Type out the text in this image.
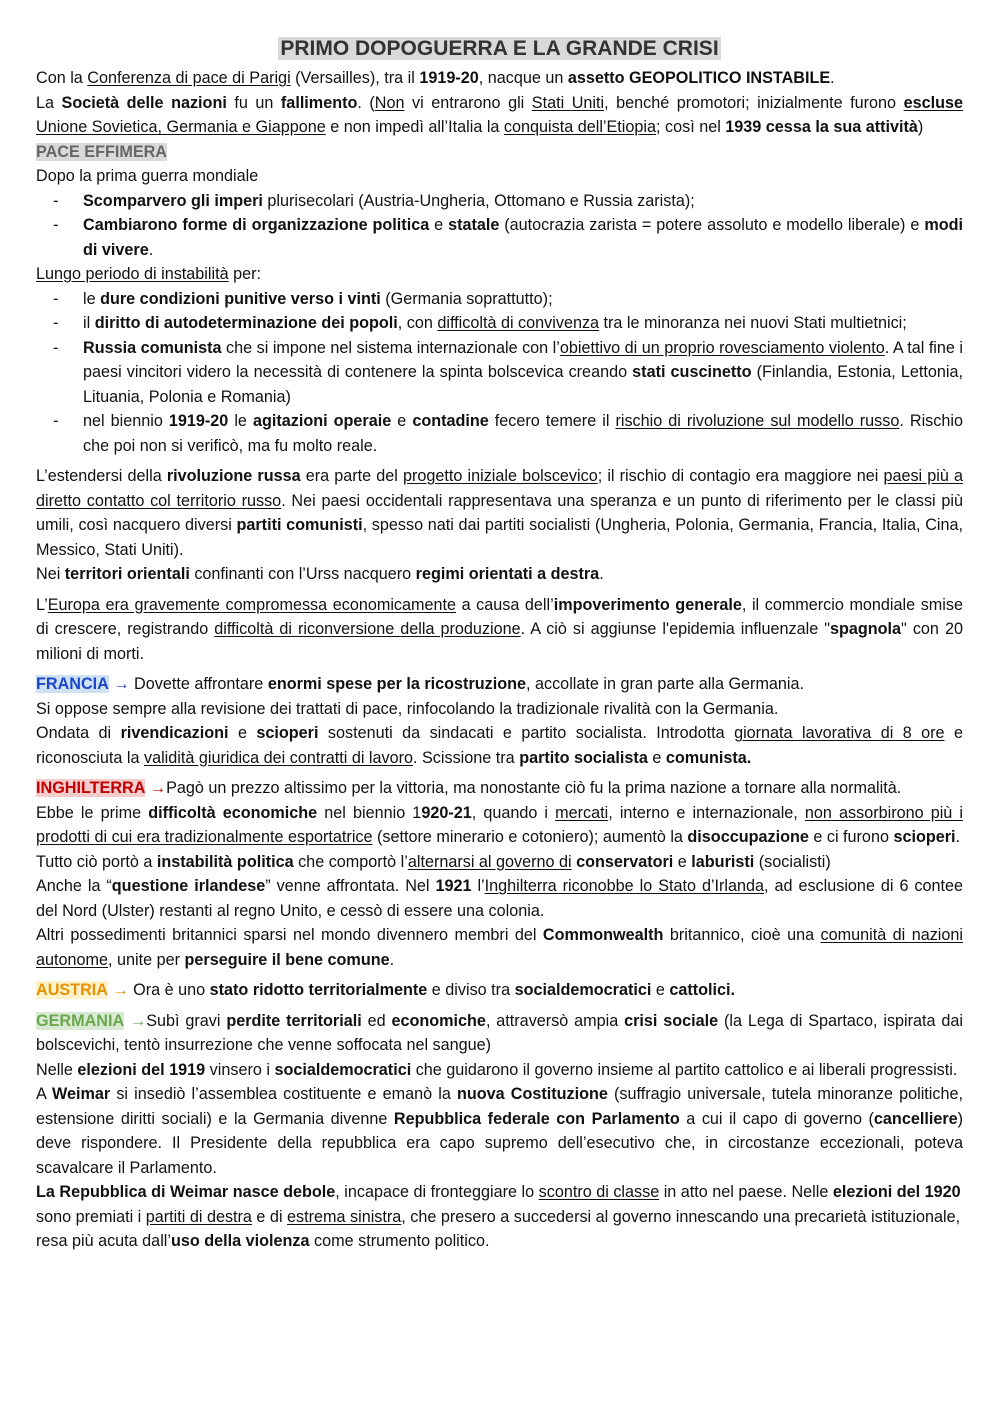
PRIMO DOPOGUERRA E LA GRANDE CRISI

Con la Conferenza di pace di Parigi (Versailles), tra il 1919-20, nacque un assetto GEOPOLITICO INSTABILE.

La Società delle nazioni fu un fallimento. (Non vi entrarono gli Stati Uniti, benché promotori; inizialmente furono escluse Unione Sovietica, Germania e Giappone e non impedì all’Italia la conquista dell’Etiopia; così nel 1939 cessa la sua attività)

PACE EFFIMERA

Dopo la prima guerra mondiale

- Scomparvero gli imperi plurisecolari (Austria-Ungheria, Ottomano e Russia zarista);
- Cambiarono forme di organizzazione politica e statale (autocrazia zarista = potere assoluto e modello liberale) e modi di vivere.

Lungo periodo di instabilità per:

- le dure condizioni punitive verso i vinti (Germania soprattutto);
- il diritto di autodeterminazione dei popoli, con difficoltà di convivenza tra le minoranza nei nuovi Stati multietnici;
- Russia comunista che si impone nel sistema internazionale con l’obiettivo di un proprio rovesciamento violento. A tal fine i paesi vincitori videro la necessità di contenere la spinta bolscevica creando stati cuscinetto (Finlandia, Estonia, Lettonia, Lituania, Polonia e Romania)
- nel biennio 1919-20 le agitazioni operaie e contadine fecero temere il rischio di rivoluzione sul modello russo. Rischio che poi non si verificò, ma fu molto reale.

L’estendersi della rivoluzione russa era parte del progetto iniziale bolscevico; il rischio di contagio era maggiore nei paesi più a diretto contatto col territorio russo. Nei paesi occidentali rappresentava una speranza e un punto di riferimento per le classi più umili, così nacquero diversi partiti comunisti, spesso nati dai partiti socialisti (Ungheria, Polonia, Germania, Francia, Italia, Cina, Messico, Stati Uniti).

Nei territori orientali confinanti con l’Urss nacquero regimi orientati a destra.

L’Europa era gravemente compromessa economicamente a causa dell’impoverimento generale, il commercio mondiale smise di crescere, registrando difficoltà di riconversione della produzione. A ciò si aggiunse l'epidemia influenzale "spagnola" con 20 milioni di morti.

FRANCIA → Dovette affrontare enormi spese per la ricostruzione, accollate in gran parte alla Germania.

Si oppose sempre alla revisione dei trattati di pace, rinfocolando la tradizionale rivalità con la Germania.

Ondata di rivendicazioni e scioperi sostenuti da sindacati e partito socialista. Introdotta giornata lavorativa di 8 ore e riconosciuta la validità giuridica dei contratti di lavoro. Scissione tra partito socialista e comunista.

INGHILTERRA →Pagò un prezzo altissimo per la vittoria, ma nonostante ciò fu la prima nazione a tornare alla normalità.

Ebbe le prime difficoltà economiche nel biennio 1920-21, quando i mercati, interno e internazionale, non assorbirono più i prodotti di cui era tradizionalmente esportatrice (settore minerario e cotoniero); aumentò la disoccupazione e ci furono scioperi.

Tutto ciò portò a instabilità politica che comportò l’alternarsi al governo di conservatori e laburisti (socialisti)

Anche la “questione irlandese” venne affrontata. Nel 1921 l’Inghilterra riconobbe lo Stato d’Irlanda, ad esclusione di 6 contee del Nord (Ulster) restanti al regno Unito, e cessò di essere una colonia.

Altri possedimenti britannici sparsi nel mondo divennero membri del Commonwealth britannico, cioè una comunità di nazioni autonome, unite per perseguire il bene comune.

AUSTRIA → Ora è uno stato ridotto territorialmente e diviso tra socialdemocratici e cattolici.

GERMANIA →Subì gravi perdite territoriali ed economiche, attraversò ampia crisi sociale (la Lega di Spartaco, ispirata dai bolscevichi, tentò insurrezione che venne soffocata nel sangue)

Nelle elezioni del 1919 vinsero i socialdemocratici che guidarono il governo insieme al partito cattolico e ai liberali progressisti.

A Weimar si insediò l’assemblea costituente e emanò la nuova Costituzione (suffragio universale, tutela minoranze politiche, estensione diritti sociali) e la Germania divenne Repubblica federale con Parlamento a cui il capo di governo (cancelliere) deve rispondere. Il Presidente della repubblica era capo supremo dell’esecutivo che, in circostanze eccezionali, poteva scavalcare il Parlamento.

La Repubblica di Weimar nasce debole, incapace di fronteggiare lo scontro di classe in atto nel paese. Nelle elezioni del 1920 sono premiati i partiti di destra e di estrema sinistra, che presero a succedersi al governo innescando una precarietà istituzionale, resa più acuta dall’uso della violenza come strumento politico.
